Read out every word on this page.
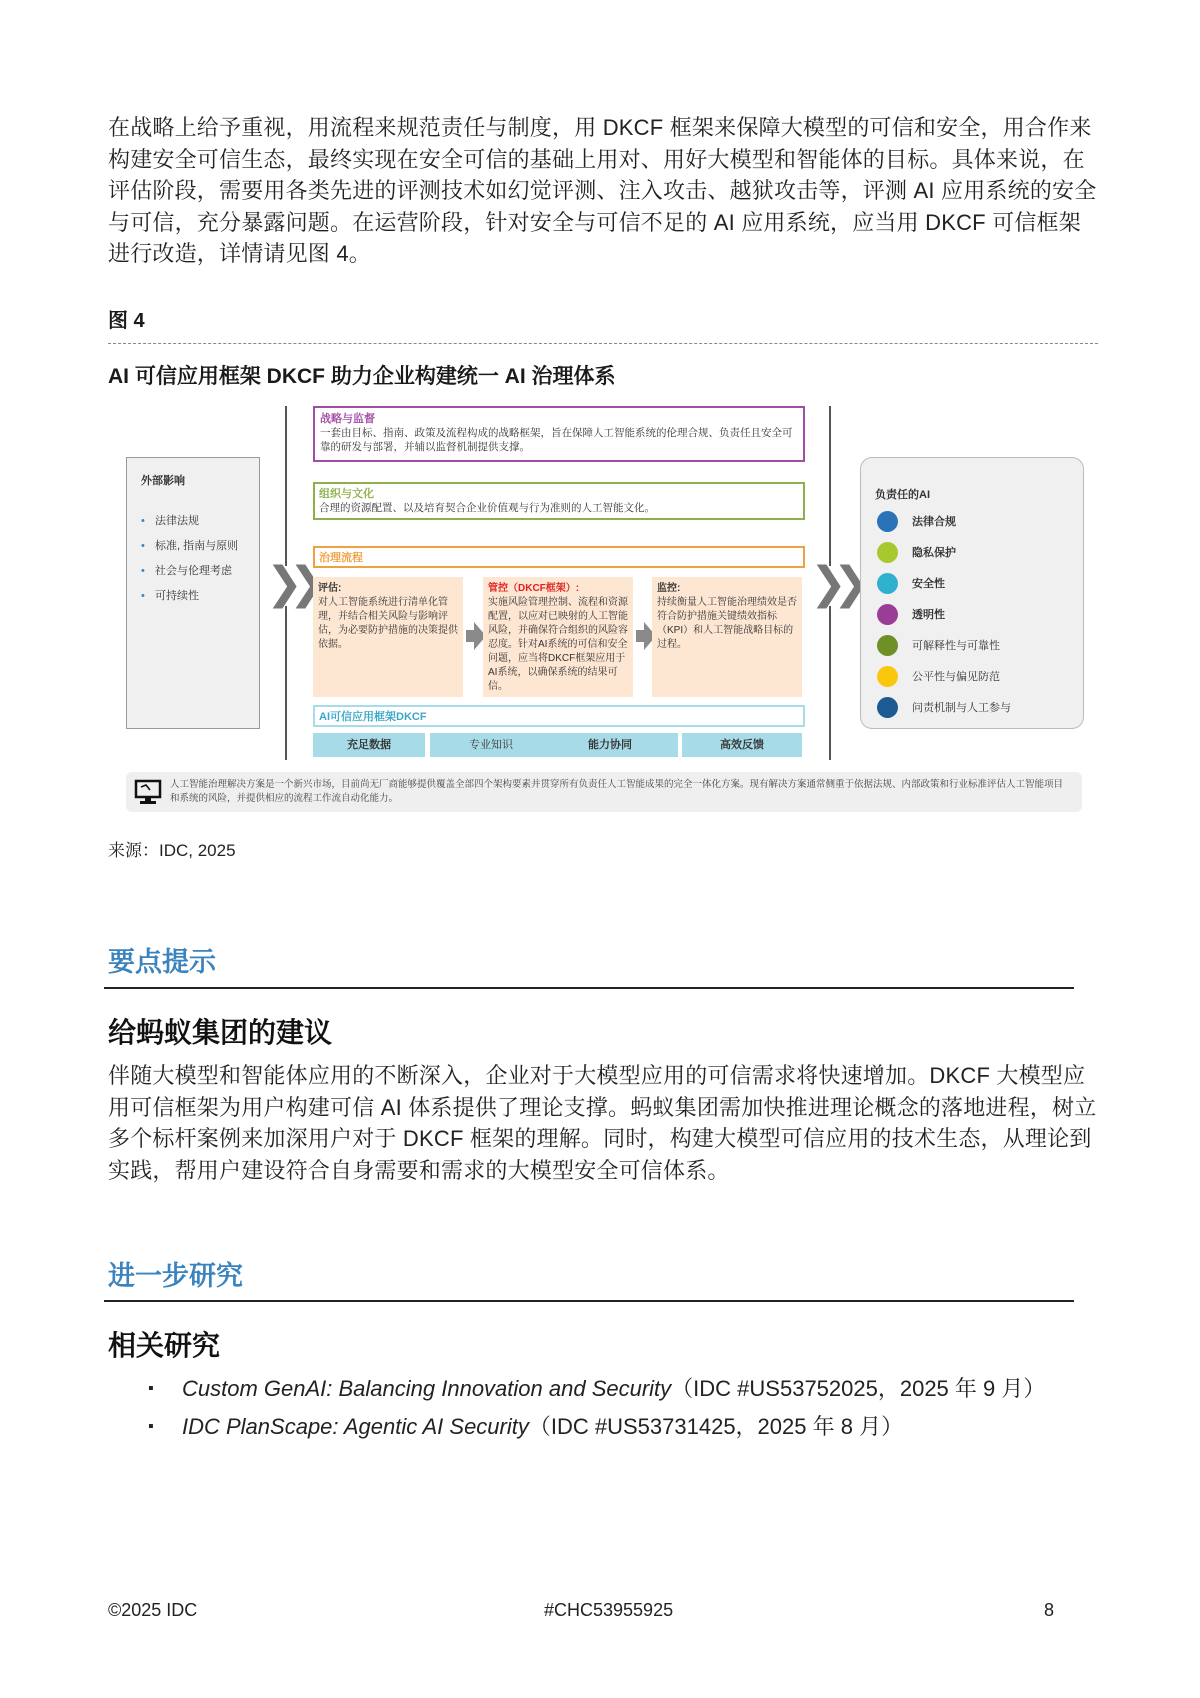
在战略上给予重视，用流程来规范责任与制度，用 DKCF 框架来保障大模型的可信和安全，用合作来构建安全可信生态，最终实现在安全可信的基础上用对、用好大模型和智能体的目标。具体来说，在评估阶段，需要用各类先进的评测技术如幻觉评测、注入攻击、越狱攻击等，评测 AI 应用系统的安全与可信，充分暴露问题。在运营阶段，针对安全与可信不足的 AI 应用系统，应当用 DKCF 可信框架进行改造，详情请见图 4。
图 4
AI 可信应用框架 DKCF 助力企业构建统一 AI 治理体系
外部影响
• 法律法规
• 标准, 指南与原则
• 社会与伦理考虑
• 可持续性	❯❯	❯❯
战略与监督
一套由目标、指南、政策及流程构成的战略框架，旨在保障人工智能系统的伦理合规、负责任且安全可靠的研发与部署，并辅以监督机制提供支撑。
组织与文化
合理的资源配置、以及培育契合企业价值观与行为准则的人工智能文化。
治理流程
评估:
对人工智能系统进行清单化管理，并结合相关风险与影响评估，为必要防护措施的决策提供依据。
管控（DKCF框架）:
实施风险管理控制、流程和资源配置，以应对已映射的人工智能风险，并确保符合组织的风险容忍度。针对AI系统的可信和安全问题，应当将DKCF框架应用于AI系统，以确保系统的结果可信。
监控:
持续衡量人工智能治理绩效是否符合防护措施关键绩效指标（KPI）和人工智能战略目标的过程。
AI可信应用框架DKCF
充足数据	专业知识	能力协同	高效反馈
负责任的AI
法律合规
隐私保护
安全性
透明性
可解释性与可靠性
公平性与偏见防范
问责机制与人工参与
人工智能治理解决方案是一个新兴市场，目前尚无厂商能够提供覆盖全部四个架构要素并贯穿所有负责任人工智能成果的完全一体化方案。现有解决方案通常侧重于依据法规、内部政策和行业标准评估人工智能项目和系统的风险，并提供相应的流程工作流自动化能力。
来源：IDC, 2025
要点提示
给蚂蚁集团的建议
伴随大模型和智能体应用的不断深入，企业对于大模型应用的可信需求将快速增加。DKCF 大模型应用可信框架为用户构建可信 AI 体系提供了理论支撑。蚂蚁集团需加快推进理论概念的落地进程，树立多个标杆案例来加深用户对于 DKCF 框架的理解。同时，构建大模型可信应用的技术生态，从理论到实践，帮用户建设符合自身需要和需求的大模型安全可信体系。
进一步研究
相关研究
▪ Custom GenAI: Balancing Innovation and Security（IDC #US53752025，2025 年 9 月）
▪ IDC PlanScape: Agentic AI Security（IDC #US53731425，2025 年 8 月）
©2025 IDC	#CHC53955925	8
